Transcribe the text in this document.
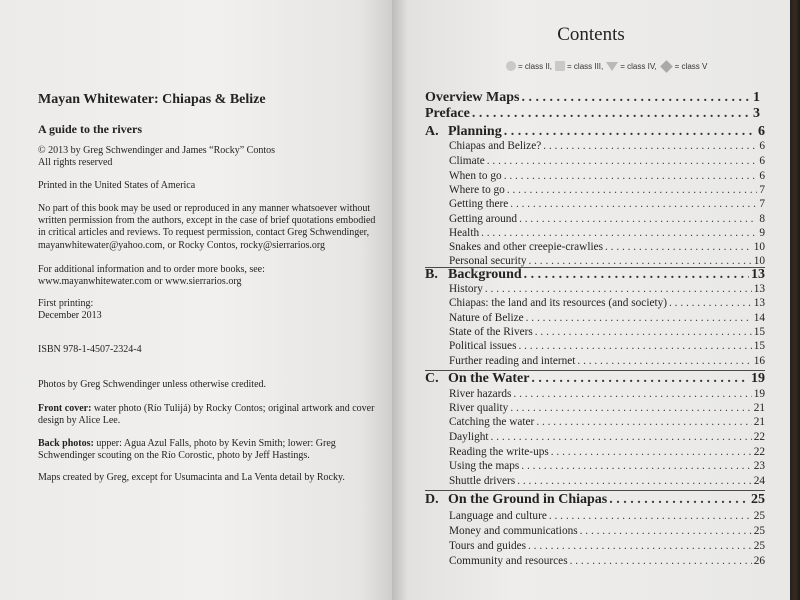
Mayan Whitewater: Chiapas & Belize

A guide to the rivers

© 2013 by Greg Schwendinger and James “Rocky” Contos

All rights reserved

Printed in the United States of America

No part of this book may be used or reproduced in any manner whatsoever without written permission from the authors, except in the case of brief quotations embodied in critical articles and reviews. To request permission, contact Greg Schwendinger, mayanwhitewater@yahoo.com, or Rocky Contos, rocky@sierrarios.org

For additional information and to order more books, see:

www.mayanwhitewater.com or www.sierrarios.org

First printing:

December 2013

ISBN 978-1-4507-2324-4

Photos by Greg Schwendinger unless otherwise credited.

Front cover: water photo (Río Tulijá) by Rocky Contos; original artwork and cover design by Alice Lee.

Back photos: upper: Agua Azul Falls, photo by Kevin Smith; lower: Greg Schwendinger scouting on the Río Corostic, photo by Jeff Hastings.

Maps created by Greg, except for Usumacinta and La Venta detail by Rocky.

Contents
= class II, = class III, = class IV, = class V
Overview Maps . . .	1
Preface . . .	3
A. Planning . . .	6
Chiapas and Belize? . . .	6
Climate . . .	6
When to go . . .	6
Where to go . . .	7
Getting there . . .	7
Getting around . . .	8
Health . . .	9
Snakes and other creepie-crawlies . . .	10
Personal security . . .	10
B. Background . . .	13
History . . .	13
Chiapas: the land and its resources (and society) . . .	13
Nature of Belize . . .	14
State of the Rivers . . .	15
Political issues . . .	15
Further reading and internet . . .	16
C. On the Water . . .	19
River hazards . . .	19
River quality . . .	21
Catching the water . . .	21
Daylight . . .	22
Reading the write-ups . . .	22
Using the maps . . .	23
Shuttle drivers . . .	24
D. On the Ground in Chiapas . . .	25
Language and culture . . .	25
Money and communications . . .	25
Tours and guides . . .	25
Community and resources . . .	26
